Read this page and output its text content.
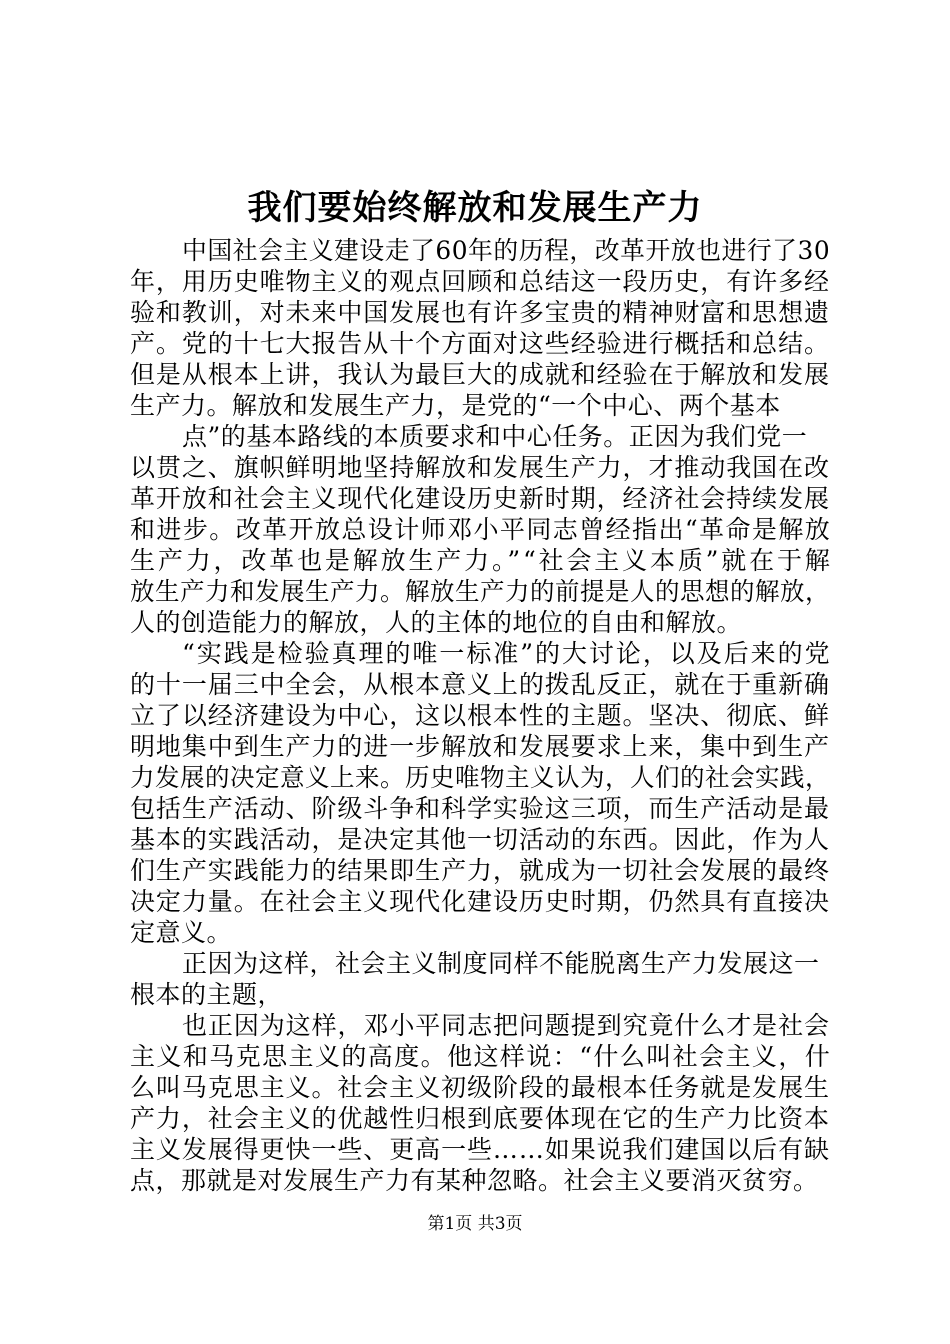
我们要始终解放和发展生产力
中国社会主义建设走了60年的历程，改革开放也进行了30
年，用历史唯物主义的观点回顾和总结这一段历史，有许多经
验和教训，对未来中国发展也有许多宝贵的精神财富和思想遗
产。党的十七大报告从十个方面对这些经验进行概括和总结。
但是从根本上讲，我认为最巨大的成就和经验在于解放和发展
生产力。解放和发展生产力，是党的“一个中心、两个基本
点”的基本路线的本质要求和中心任务。正因为我们党一
以贯之、旗帜鲜明地坚持解放和发展生产力，才推动我国在改
革开放和社会主义现代化建设历史新时期，经济社会持续发展
和进步。改革开放总设计师邓小平同志曾经指出“革命是解放
生产力，改革也是解放生产力。”“社会主义本质”就在于解
放生产力和发展生产力。解放生产力的前提是人的思想的解放，
人的创造能力的解放，人的主体的地位的自由和解放。
“实践是检验真理的唯一标准”的大讨论，以及后来的党
的十一届三中全会，从根本意义上的拨乱反正，就在于重新确
立了以经济建设为中心，这以根本性的主题。坚决、彻底、鲜
明地集中到生产力的进一步解放和发展要求上来，集中到生产
力发展的决定意义上来。历史唯物主义认为，人们的社会实践，
包括生产活动、阶级斗争和科学实验这三项，而生产活动是最
基本的实践活动，是决定其他一切活动的东西。因此，作为人
们生产实践能力的结果即生产力，就成为一切社会发展的最终
决定力量。在社会主义现代化建设历史时期，仍然具有直接决
定意义。
正因为这样，社会主义制度同样不能脱离生产力发展这一
根本的主题，
也正因为这样，邓小平同志把问题提到究竟什么才是社会
主义和马克思主义的高度。他这样说：“什么叫社会主义，什
么叫马克思主义。社会主义初级阶段的最根本任务就是发展生
产力，社会主义的优越性归根到底要体现在它的生产力比资本
主义发展得更快一些、更高一些……如果说我们建国以后有缺
点，那就是对发展生产力有某种忽略。社会主义要消灭贫穷。
第1页 共3页
